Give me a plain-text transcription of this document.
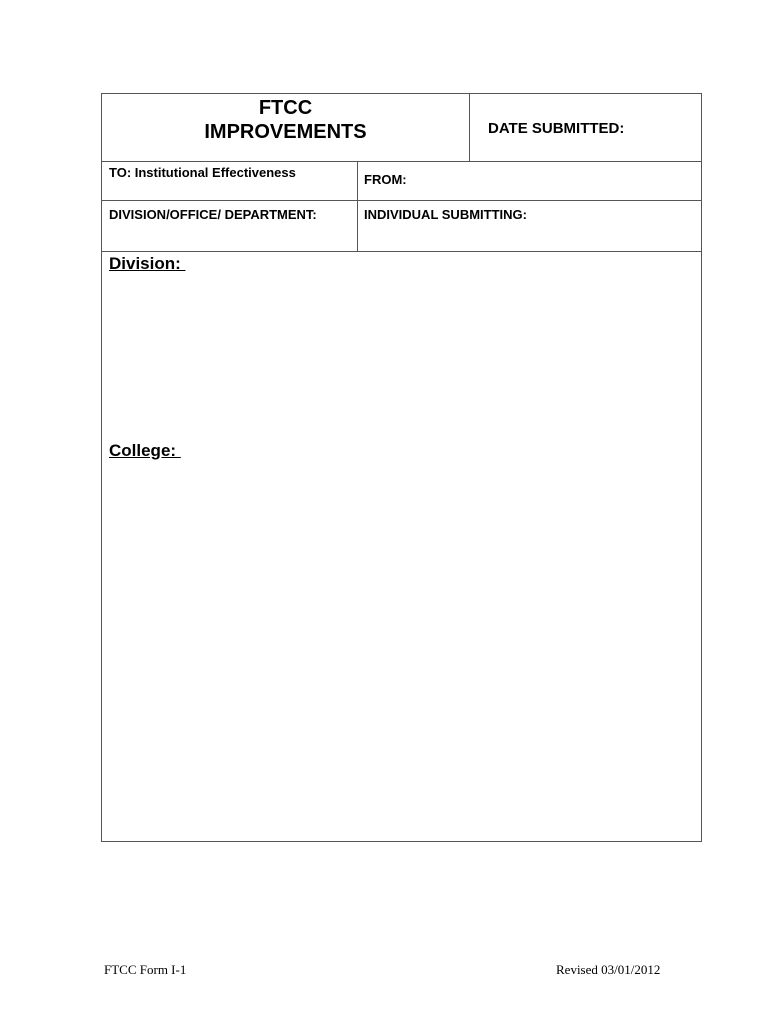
FTCC
IMPROVEMENTS	DATE SUBMITTED:
TO: Institutional Effectiveness	FROM:
DIVISION/OFFICE/ DEPARTMENT:	INDIVIDUAL SUBMITTING:
Division:
College:
FTCC Form I-1	Revised 03/01/2012
